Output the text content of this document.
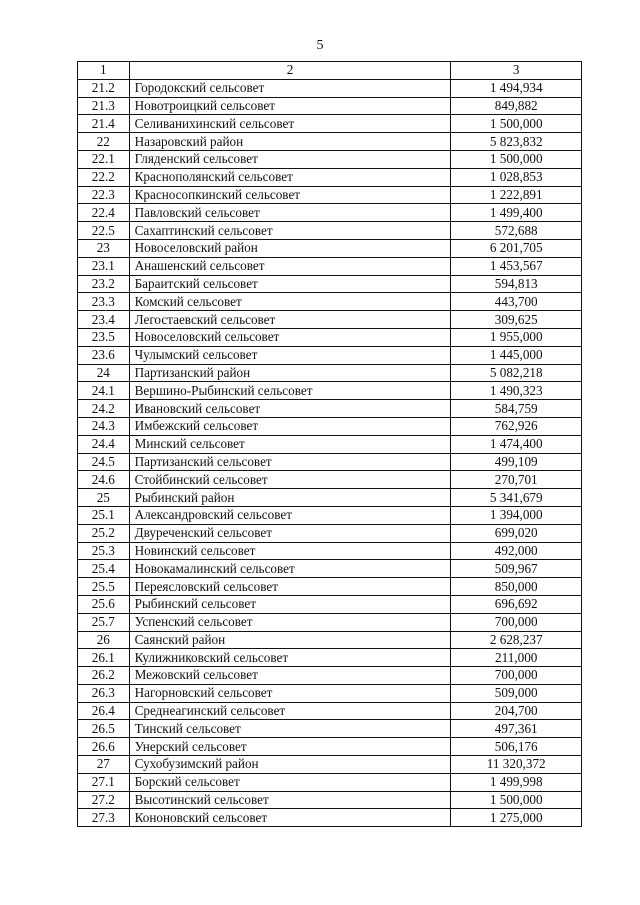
5
1	2	3
21.2	Городокский сельсовет	1 494,934
21.3	Новотроицкий сельсовет	849,882
21.4	Селиванихинский сельсовет	1 500,000
22	Назаровский район	5 823,832
22.1	Гляденский сельсовет	1 500,000
22.2	Краснополянский сельсовет	1 028,853
22.3	Красносопкинский сельсовет	1 222,891
22.4	Павловский сельсовет	1 499,400
22.5	Сахаптинский сельсовет	572,688
23	Новоселовский район	6 201,705
23.1	Анашенский сельсовет	1 453,567
23.2	Бараитский сельсовет	594,813
23.3	Комский сельсовет	443,700
23.4	Легостаевский сельсовет	309,625
23.5	Новоселовский сельсовет	1 955,000
23.6	Чулымский сельсовет	1 445,000
24	Партизанский район	5 082,218
24.1	Вершино-Рыбинский сельсовет	1 490,323
24.2	Ивановский сельсовет	584,759
24.3	Имбежский сельсовет	762,926
24.4	Минский сельсовет	1 474,400
24.5	Партизанский сельсовет	499,109
24.6	Стойбинский сельсовет	270,701
25	Рыбинский район	5 341,679
25.1	Александровский сельсовет	1 394,000
25.2	Двуреченский сельсовет	699,020
25.3	Новинский сельсовет	492,000
25.4	Новокамалинский сельсовет	509,967
25.5	Переясловский сельсовет	850,000
25.6	Рыбинский сельсовет	696,692
25.7	Успенский сельсовет	700,000
26	Саянский район	2 628,237
26.1	Кулижниковский сельсовет	211,000
26.2	Межовский сельсовет	700,000
26.3	Нагорновский сельсовет	509,000
26.4	Среднеагинский сельсовет	204,700
26.5	Тинский сельсовет	497,361
26.6	Унерский сельсовет	506,176
27	Сухобузимский район	11 320,372
27.1	Борский сельсовет	1 499,998
27.2	Высотинский сельсовет	1 500,000
27.3	Кононовский сельсовет	1 275,000
